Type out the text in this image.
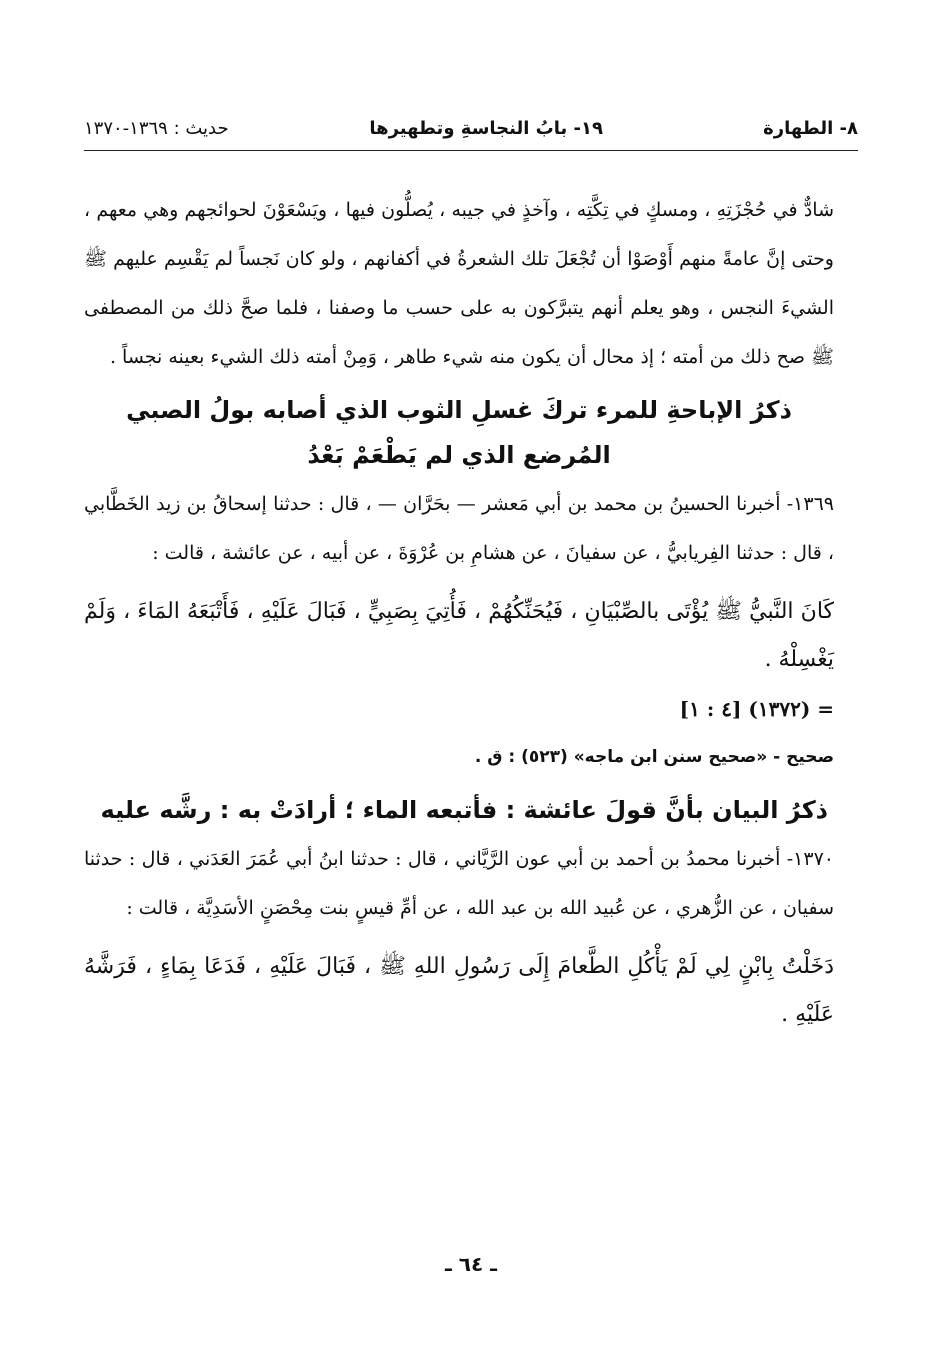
٨- الطهارة
١٩- بابُ النجاسةِ وتطهيرها
حديث : ١٣٦٩-١٣٧٠

شادٌّ في حُجْزَتِهِ ، ومسكٍ في تِكَّتِه ، وآخذٍ في جيبه ، يُصلُّون فيها ، ويَسْعَوْنَ لحوائجهم وهي معهم ، وحتى إنَّ عامةً منهم أَوْصَوْا أن تُجْعَلَ تلك الشعرةُ في أكفانهم ، ولو كان نَجساً لم يَقْسِم عليهم ﷺ الشيءَ النجس ، وهو يعلم أنهم يتبرَّكون به على حسب ما وصفنا ، فلما صحَّ ذلك من المصطفى ﷺ صح ذلك من أمته ؛ إذ محال أن يكون منه شيء طاهر ، وَمِنْ أمته ذلك الشيء بعينه نجساً .

ذكرُ الإباحةِ للمرء تركَ غسلِ الثوب الذي أصابه بولُ الصبي المُرضع الذي لم يَطْعَمْ بَعْدُ

١٣٦٩- أخبرنا الحسينُ بن محمد بن أبي مَعشر — بحَرَّان — ، قال : حدثنا إسحاقُ بن زيد الخَطَّابي ، قال : حدثنا الفِريابيُّ ، عن سفيانَ ، عن هشامِ بن عُرْوَةَ ، عن أبيه ، عن عائشة ، قالت :

كَانَ النَّبيُّ ﷺ يُؤْتَى بالصِّبْيَانِ ، فَيُحَنِّكُهُمْ ، فَأُتِيَ بِصَبِيٍّ ، فَبَالَ عَلَيْهِ ، فَأَتْبَعَهُ المَاءَ ، وَلَمْ يَغْسِلْهُ .

= (١٣٧٢) [٤ : ١]

صحيح - «صحيح سنن ابن ماجه» (٥٢٣) : ق .

ذكرُ البيان بأنَّ قولَ عائشة : فأتبعه الماء ؛ أرادَتْ به : رشَّه عليه

١٣٧٠- أخبرنا محمدُ بن أحمد بن أبي عون الرَّيَّاني ، قال : حدثنا ابنُ أبي عُمَرَ العَدَني ، قال : حدثنا سفيان ، عن الزُّهري ، عن عُبيد الله بن عبد الله ، عن أمِّ قيسٍ بنت مِحْصَنٍ الأسَدِيَّة ، قالت :

دَخَلْتُ بِابْنٍ لِي لَمْ يَأْكُلِ الطَّعامَ إِلَى رَسُولِ اللهِ ﷺ ، فَبَالَ عَلَيْهِ ، فَدَعَا بِمَاءٍ ، فَرَشَّهُ عَلَيْهِ .

ـ ٦٤ ـ
